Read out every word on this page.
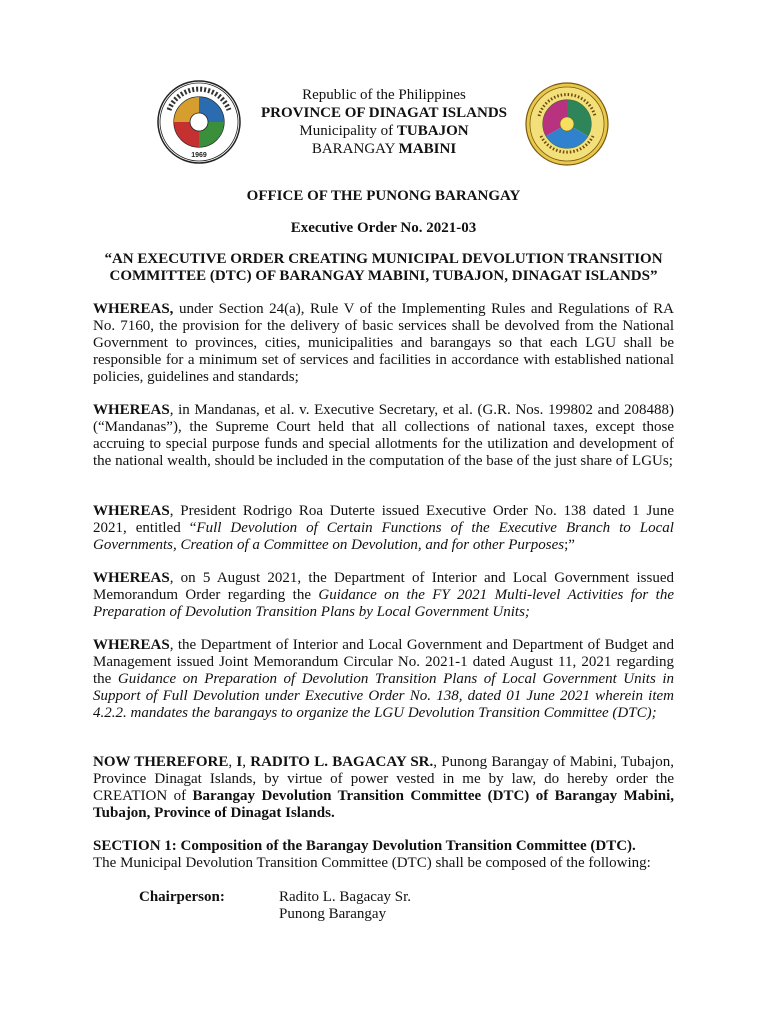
1969
Republic of the Philippines
PROVINCE OF DINAGAT ISLANDS
Municipality of TUBAJON
BARANGAY MABINI
OFFICE OF THE PUNONG BARANGAY
Executive Order No. 2021-03
“AN EXECUTIVE ORDER CREATING MUNICIPAL DEVOLUTION TRANSITION COMMITTEE (DTC) OF BARANGAY MABINI, TUBAJON, DINAGAT ISLANDS”
WHEREAS, under Section 24(a), Rule V of the Implementing Rules and Regulations of RA No. 7160, the provision for the delivery of basic services shall be devolved from the National Government to provinces, cities, municipalities and barangays so that each LGU shall be responsible for a minimum set of services and facilities in accordance with established national policies, guidelines and standards;
WHEREAS, in Mandanas, et al. v. Executive Secretary, et al. (G.R. Nos. 199802 and 208488) (“Mandanas”), the Supreme Court held that all collections of national taxes, except those accruing to special purpose funds and special allotments for the utilization and development of the national wealth, should be included in the computation of the base of the just share of LGUs;
WHEREAS, President Rodrigo Roa Duterte issued Executive Order No. 138 dated 1 June 2021, entitled “Full Devolution of Certain Functions of the Executive Branch to Local Governments, Creation of a Committee on Devolution, and for other Purposes;”
WHEREAS, on 5 August 2021, the Department of Interior and Local Government issued Memorandum Order regarding the Guidance on the FY 2021 Multi-level Activities for the Preparation of Devolution Transition Plans by Local Government Units;
WHEREAS, the Department of Interior and Local Government and Department of Budget and Management issued Joint Memorandum Circular No. 2021-1 dated August 11, 2021 regarding the Guidance on Preparation of Devolution Transition Plans of Local Government Units in Support of Full Devolution under Executive Order No. 138, dated 01 June 2021 wherein item 4.2.2. mandates the barangays to organize the LGU Devolution Transition Committee (DTC);
NOW THEREFORE, I, RADITO L. BAGACAY SR., Punong Barangay of Mabini, Tubajon, Province Dinagat Islands, by virtue of power vested in me by law, do hereby order the CREATION of Barangay Devolution Transition Committee (DTC) of Barangay Mabini, Tubajon, Province of Dinagat Islands.
SECTION 1: Composition of the Barangay Devolution Transition Committee (DTC).
The Municipal Devolution Transition Committee (DTC) shall be composed of the following:
Chairperson:	Radito L. Bagacay Sr.
Punong Barangay
